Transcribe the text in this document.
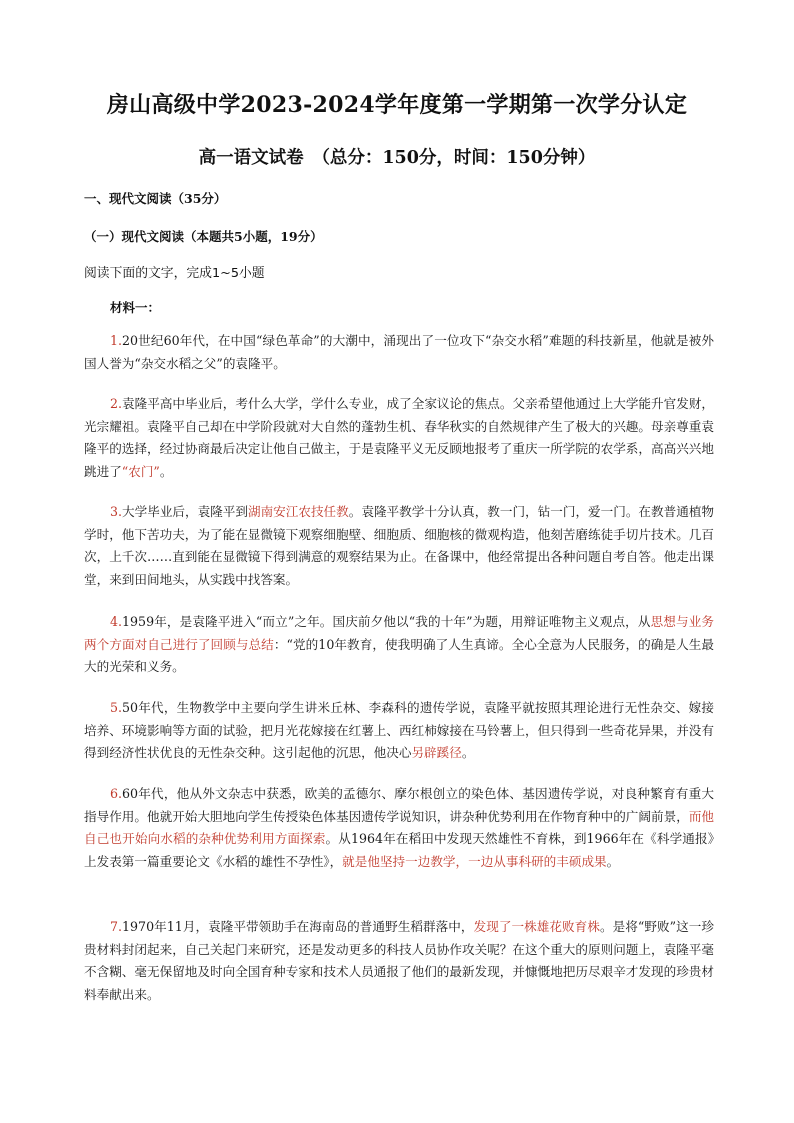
房山高级中学2023-2024学年度第一学期第一次学分认定
高一语文试卷　（总分：150分，时间：150分钟）
一、现代文阅读（35分）
（一）现代文阅读（本题共5小题，19分）
阅读下面的文字，完成1~5小题
材料一：
1.20世纪60年代，在中国“绿色革命”的大潮中，涌现出了一位攻下“杂交水稻”难题的科技新星，他就是被外国人誉为“杂交水稻之父”的袁隆平。
2.袁隆平高中毕业后，考什么大学，学什么专业，成了全家议论的焦点。父亲希望他通过上大学能升官发财，光宗耀祖。袁隆平自己却在中学阶段就对大自然的蓬勃生机、春华秋实的自然规律产生了极大的兴趣。母亲尊重袁隆平的选择，经过协商最后决定让他自己做主，于是袁隆平义无反顾地报考了重庆一所学院的农学系，高高兴兴地跳进了“农门”。
3.大学毕业后，袁隆平到湖南安江农技任教。袁隆平教学十分认真，教一门，钻一门，爱一门。在教普通植物学时，他下苦功夫，为了能在显微镜下观察细胞壁、细胞质、细胞核的微观构造，他刻苦磨练徒手切片技术。几百次，上千次……直到能在显微镜下得到满意的观察结果为止。在备课中，他经常提出各种问题自考自答。他走出课堂，来到田间地头，从实践中找答案。
4.1959年，是袁隆平进入“而立”之年。国庆前夕他以“我的十年”为题，用辩证唯物主义观点，从思想与业务两个方面对自己进行了回顾与总结：“党的10年教育，使我明确了人生真谛。全心全意为人民服务，的确是人生最大的光荣和义务。
5.50年代，生物教学中主要向学生讲米丘林、李森科的遗传学说，袁隆平就按照其理论进行无性杂交、嫁接培养、环境影响等方面的试验，把月光花嫁接在红薯上、西红柿嫁接在马铃薯上，但只得到一些奇花异果，并没有得到经济性状优良的无性杂交种。这引起他的沉思，他决心另辟蹊径。
6.60年代，他从外文杂志中获悉，欧美的孟德尔、摩尔根创立的染色体、基因遗传学说，对良种繁育有重大指导作用。他就开始大胆地向学生传授染色体基因遗传学说知识，讲杂种优势利用在作物育种中的广阔前景，而他自己也开始向水稻的杂种优势利用方面探索。从1964年在稻田中发现天然雄性不育株，到1966年在《科学通报》上发表第一篇重要论文《水稻的雄性不孕性》，就是他坚持一边教学，一边从事科研的丰硕成果。
7.1970年11月，袁隆平带领助手在海南岛的普通野生稻群落中，发现了一株雄花败育株。是将“野败”这一珍贵材料封闭起来，自己关起门来研究，还是发动更多的科技人员协作攻关呢？在这个重大的原则问题上，袁隆平毫不含糊、毫无保留地及时向全国育种专家和技术人员通报了他们的最新发现，并慷慨地把历尽艰辛才发现的珍贵材料奉献出来。
